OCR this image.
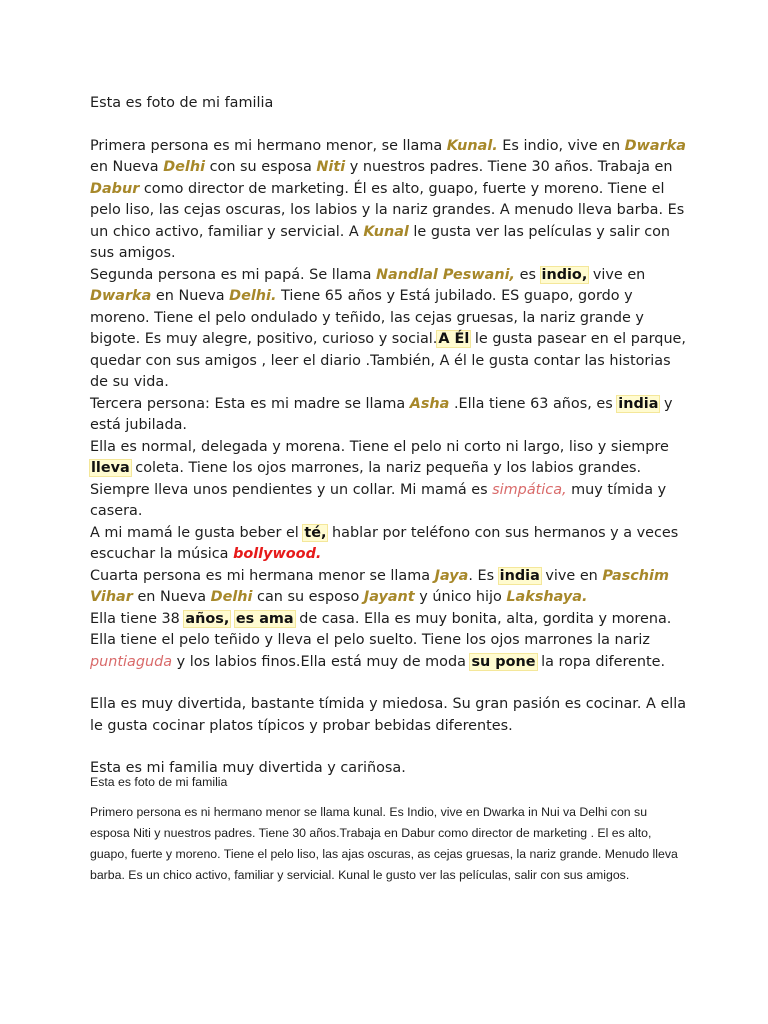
Esta es foto de mi familia

Primera persona es mi hermano menor, se llama Kunal. Es indio, vive en Dwarka en Nueva Delhi con su esposa Niti y nuestros padres. Tiene 30 años. Trabaja en Dabur como director de marketing. Él es alto, guapo, fuerte y moreno. Tiene el pelo liso, las cejas oscuras, los labios y la nariz grandes. A menudo lleva barba. Es un chico activo, familiar y servicial. A Kunal le gusta ver las películas y salir con sus amigos.

Segunda persona es mi papá. Se llama Nandlal Peswani, es indio, vive en Dwarka en Nueva Delhi. Tiene 65 años y Está jubilado. ES guapo, gordo y moreno. Tiene el pelo ondulado y teñido, las cejas gruesas, la nariz grande y bigote. Es muy alegre, positivo, curioso y social.A Él le gusta pasear en el parque, quedar con sus amigos , leer el diario .También, A él le gusta contar las historias de su vida.

Tercera persona: Esta es mi madre se llama Asha .Ella tiene 63 años, es india y está jubilada.

Ella es normal, delegada y morena. Tiene el pelo ni corto ni largo, liso y siempre lleva coleta. Tiene los ojos marrones, la nariz pequeña y los labios grandes. Siempre lleva unos pendientes y un collar. Mi mamá es simpática, muy tímida y casera.

A mi mamá le gusta beber el té, hablar por teléfono con sus hermanos y a veces escuchar la música bollywood.

Cuarta persona es mi hermana menor se llama Jaya. Es india vive en Paschim Vihar en Nueva Delhi can su esposo Jayant y único hijo Lakshaya.

Ella tiene 38 años, es ama de casa. Ella es muy bonita, alta, gordita y morena. Ella tiene el pelo teñido y lleva el pelo suelto. Tiene los ojos marrones la nariz puntiaguda y los labios finos.Ella está muy de moda su pone la ropa diferente.

Ella es muy divertida, bastante tímida y miedosa. Su gran pasión es cocinar. A ella le gusta cocinar platos típicos y probar bebidas diferentes.

Esta es mi familia muy divertida y cariñosa.

Esta es foto de mi familia

Primero persona es ni hermano menor se llama kunal. Es Indio, vive en Dwarka in Nui va Delhi con su esposa Niti y nuestros padres. Tiene 30 años.Trabaja en Dabur como director de marketing . El es alto, guapo, fuerte y moreno. Tiene el pelo liso, las ajas oscuras, as cejas gruesas, la nariz grande. Menudo lleva barba. Es un chico activo, familiar y servicial. Kunal le gusto ver las películas, salir con sus amigos.
